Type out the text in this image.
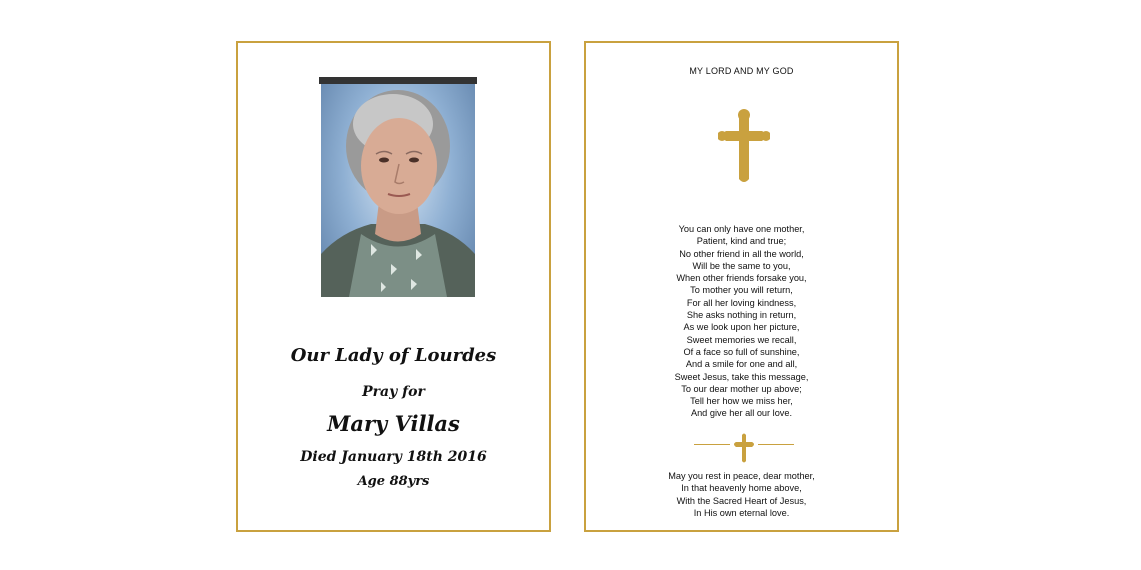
Our Lady of Lourdes
Pray for
Mary Villas
Died January 18th 2016
Age 88yrs
MY LORD AND MY GOD
You can only have one mother,
Patient, kind and true;
No other friend in all the world,
Will be the same to you,
When other friends forsake you,
To mother you will return,
For all her loving kindness,
She asks nothing in return,
As we look upon her picture,
Sweet memories we recall,
Of a face so full of sunshine,
And a smile for one and all,
Sweet Jesus, take this message,
To our dear mother up above;
Tell her how we miss her,
And give her all our love.
May you rest in peace, dear mother,
In that heavenly home above,
With the Sacred Heart of Jesus,
In His own eternal love.
